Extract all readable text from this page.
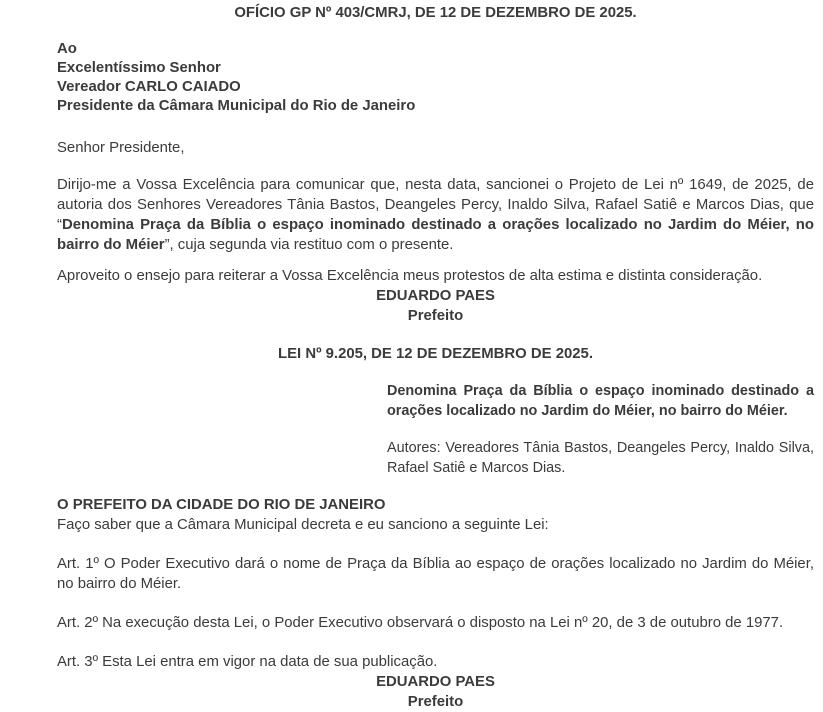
OFÍCIO GP Nº 403/CMRJ, DE 12 DE DEZEMBRO DE 2025.
Ao
Excelentíssimo Senhor
Vereador CARLO CAIADO
Presidente da Câmara Municipal do Rio de Janeiro
Senhor Presidente,
Dirijo-me a Vossa Excelência para comunicar que, nesta data, sancionei o Projeto de Lei nº 1649, de 2025, de autoria dos Senhores Vereadores Tânia Bastos, Deangeles Percy, Inaldo Silva, Rafael Satiê e Marcos Dias, que “Denomina Praça da Bíblia o espaço inominado destinado a orações localizado no Jardim do Méier, no bairro do Méier”, cuja segunda via restituo com o presente.
Aproveito o ensejo para reiterar a Vossa Excelência meus protestos de alta estima e distinta consideração.
EDUARDO PAES
Prefeito
LEI Nº 9.205, DE 12 DE DEZEMBRO DE 2025.
Denomina Praça da Bíblia o espaço inominado destinado a orações localizado no Jardim do Méier, no bairro do Méier.
Autores: Vereadores Tânia Bastos, Deangeles Percy, Inaldo Silva, Rafael Satiê e Marcos Dias.
O PREFEITO DA CIDADE DO RIO DE JANEIRO
Faço saber que a Câmara Municipal decreta e eu sanciono a seguinte Lei:
Art. 1º O Poder Executivo dará o nome de Praça da Bíblia ao espaço de orações localizado no Jardim do Méier, no bairro do Méier.
Art. 2º Na execução desta Lei, o Poder Executivo observará o disposto na Lei nº 20, de 3 de outubro de 1977.
Art. 3º Esta Lei entra em vigor na data de sua publicação.
EDUARDO PAES
Prefeito
